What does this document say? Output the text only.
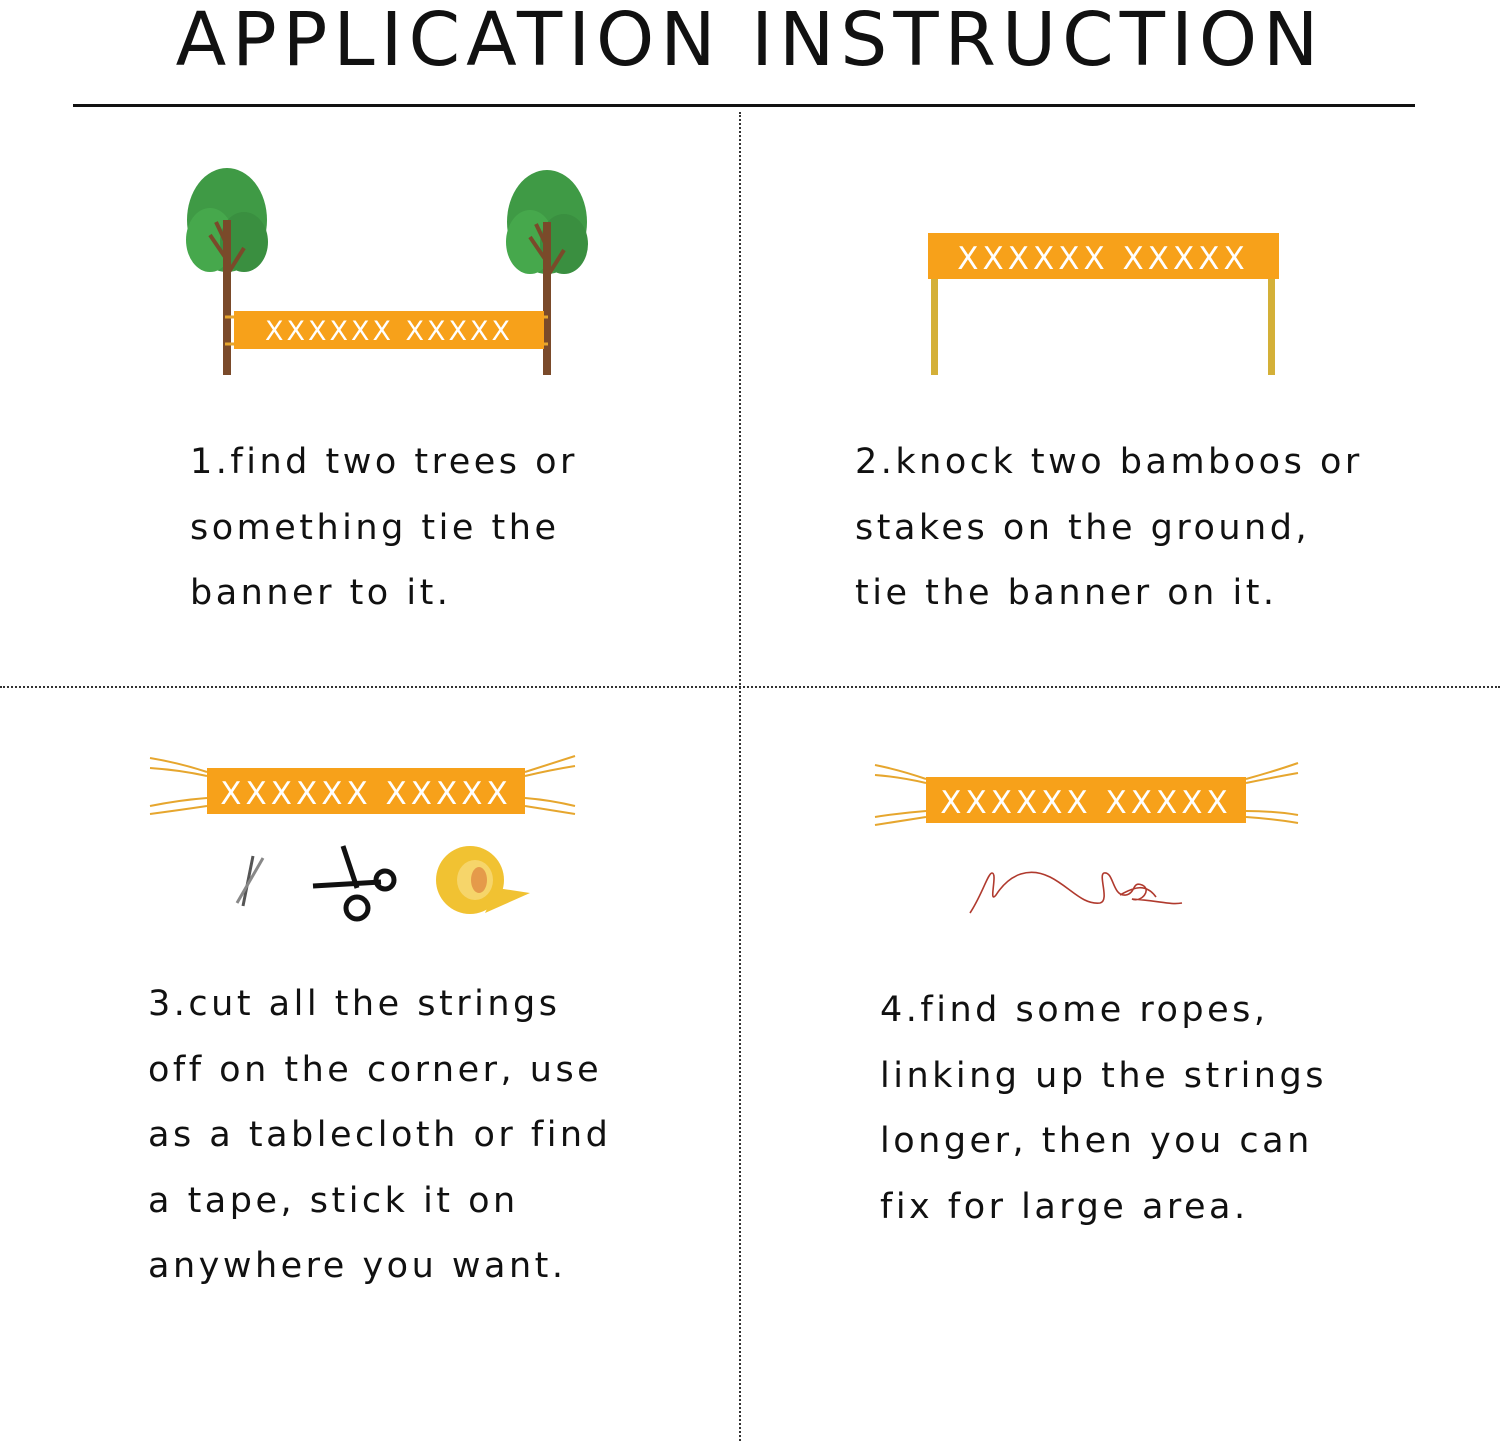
APPLICATION INSTRUCTION
XXXXXX XXXXX
XXXXXX XXXXX
XXXXXX XXXXX	XXXXXX XXXXX
1.find two trees or
something tie the
banner to it.
2.knock two bamboos or
stakes on the ground,
tie the banner on it.
3.cut all the strings
off on the corner, use
as a tablecloth or find
a tape, stick it on
anywhere you want.
4.find some ropes,
linking up the strings
longer, then you can
fix for large area.
